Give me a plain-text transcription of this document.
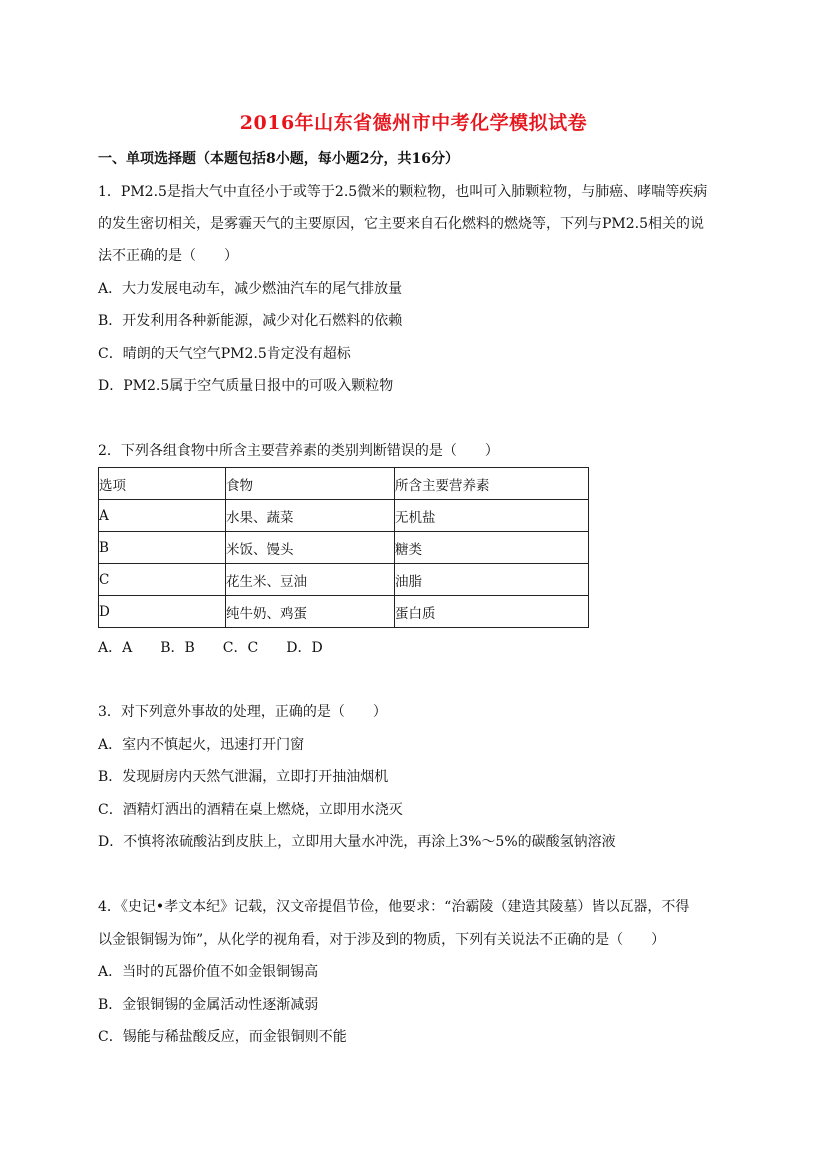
2016年山东省德州市中考化学模拟试卷
一、单项选择题（本题包括8小题，每小题2分，共16分）
1．PM2.5是指大气中直径小于或等于2.5微米的颗粒物，也叫可入肺颗粒物，与肺癌、哮喘等疾病
的发生密切相关，是雾霾天气的主要原因，它主要来自石化燃料的燃烧等，下列与PM2.5相关的说
法不正确的是（　　）
A．大力发展电动车，减少燃油汽车的尾气排放量
B．开发利用各种新能源，减少对化石燃料的依赖
C．晴朗的天气空气PM2.5肯定没有超标
D．PM2.5属于空气质量日报中的可吸入颗粒物
2．下列各组食物中所含主要营养素的类别判断错误的是（　　）
选项	食物	所含主要营养素
A	水果、蔬菜	无机盐
B	米饭、馒头	糖类
C	花生米、豆油	油脂
D	纯牛奶、鸡蛋	蛋白质
A．A　　B．B　　C．C　　D．D
3．对下列意外事故的处理，正确的是（　　）
A．室内不慎起火，迅速打开门窗
B．发现厨房内天然气泄漏，立即打开抽油烟机
C．酒精灯洒出的酒精在桌上燃烧，立即用水浇灭
D．不慎将浓硫酸沾到皮肤上，立即用大量水冲洗，再涂上3%～5%的碳酸氢钠溶液
4．《史记•孝文本纪》记载，汉文帝提倡节俭，他要求：“治霸陵（建造其陵墓）皆以瓦器，不得
以金银铜锡为饰”，从化学的视角看，对于涉及到的物质，下列有关说法不正确的是（　　）
A．当时的瓦器价值不如金银铜锡高
B．金银铜锡的金属活动性逐渐减弱
C．锡能与稀盐酸反应，而金银铜则不能
